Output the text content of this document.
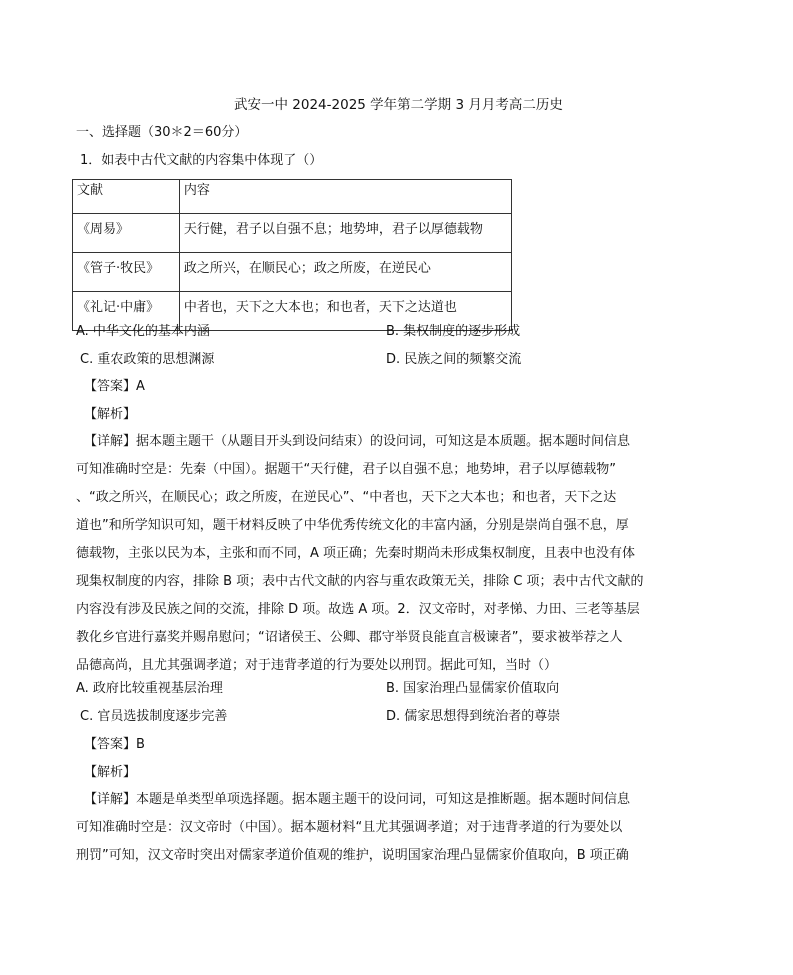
武安一中 2024-2025 学年第二学期 3 月月考高二历史
一、选择题（30＊2＝60分）
1．如表中古代文献的内容集中体现了（）
文献	内容
《周易》	天行健，君子以自强不息；地势坤，君子以厚德载物
《管子·牧民》	政之所兴，在顺民心；政之所废，在逆民心
《礼记·中庸》	中者也，天下之大本也；和也者，天下之达道也
A. 中华文化的基本内涵	B. 集权制度的逐步形成
C. 重农政策的思想渊源	D. 民族之间的频繁交流
【答案】A
【解析】
【详解】据本题主题干（从题目开头到设问结束）的设问词，可知这是本质题。据本题时间信息
可知准确时空是：先秦（中国）。据题干“天行健，君子以自强不息；地势坤，君子以厚德载物”
、“政之所兴，在顺民心；政之所废，在逆民心”、“中者也，天下之大本也；和也者，天下之达
道也”和所学知识可知，题干材料反映了中华优秀传统文化的丰富内涵，分别是崇尚自强不息，厚
德载物，主张以民为本，主张和而不同，A 项正确；先秦时期尚未形成集权制度，且表中也没有体
现集权制度的内容，排除 B 项；表中古代文献的内容与重农政策无关，排除 C 项；表中古代文献的
内容没有涉及民族之间的交流，排除 D 项。故选 A 项。2．汉文帝时，对孝悌、力田、三老等基层
教化乡官进行嘉奖并赐帛慰问；“诏诸侯王、公卿、郡守举贤良能直言极谏者”，要求被举荐之人
品德高尚，且尤其强调孝道；对于违背孝道的行为要处以刑罚。据此可知，当时（）
A. 政府比较重视基层治理	B. 国家治理凸显儒家价值取向
C. 官员选拔制度逐步完善	D. 儒家思想得到统治者的尊崇
【答案】B
【解析】
【详解】本题是单类型单项选择题。据本题主题干的设问词，可知这是推断题。据本题时间信息
可知准确时空是：汉文帝时（中国）。据本题材料“且尤其强调孝道；对于违背孝道的行为要处以
刑罚”可知，汉文帝时突出对儒家孝道价值观的维护，说明国家治理凸显儒家价值取向，B 项正确
